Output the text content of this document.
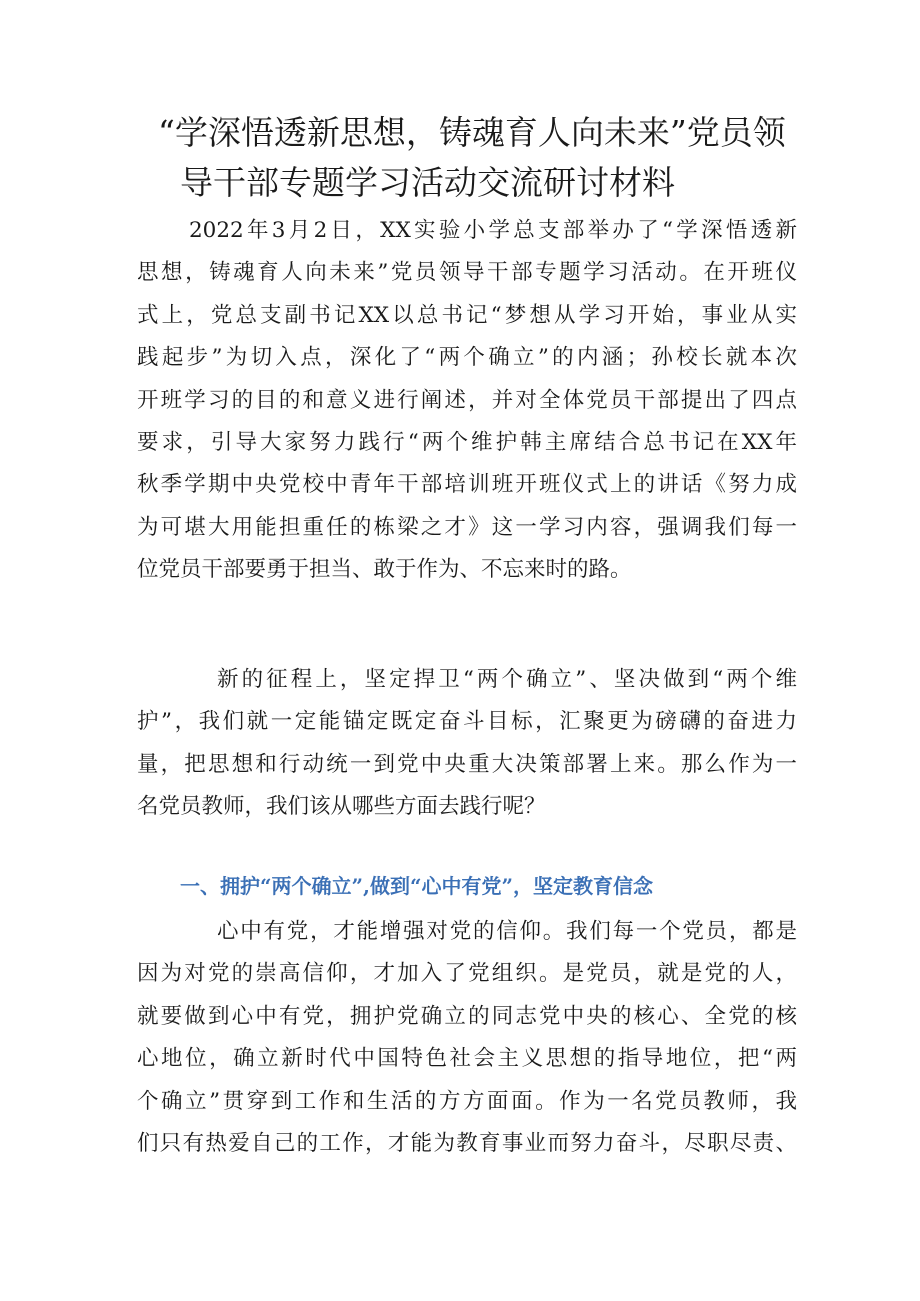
“学深悟透新思想，铸魂育人向未来”党员领
导干部专题学习活动交流研讨材料
2022年3月2日，XX实验小学总支部举办了“学深悟透新
思想，铸魂育人向未来”党员领导干部专题学习活动。在开班仪
式上，党总支副书记XX以总书记“梦想从学习开始，事业从实
践起步”为切入点，深化了“两个确立”的内涵；孙校长就本次
开班学习的目的和意义进行阐述，并对全体党员干部提出了四点
要求，引导大家努力践行“两个维护韩主席结合总书记在XX年
秋季学期中央党校中青年干部培训班开班仪式上的讲话《努力成
为可堪大用能担重任的栋梁之才》这一学习内容，强调我们每一
位党员干部要勇于担当、敢于作为、不忘来时的路。
新的征程上，坚定捍卫“两个确立”、坚决做到“两个维
护”，我们就一定能锚定既定奋斗目标，汇聚更为磅礴的奋进力
量，把思想和行动统一到党中央重大决策部署上来。那么作为一
名党员教师，我们该从哪些方面去践行呢？
一、拥护“两个确立”,做到“心中有党”，坚定教育信念
心中有党，才能增强对党的信仰。我们每一个党员，都是
因为对党的崇高信仰，才加入了党组织。是党员，就是党的人，
就要做到心中有党，拥护党确立的同志党中央的核心、全党的核
心地位，确立新时代中国特色社会主义思想的指导地位，把“两
个确立”贯穿到工作和生活的方方面面。作为一名党员教师，我
们只有热爱自己的工作，才能为教育事业而努力奋斗，尽职尽责、
